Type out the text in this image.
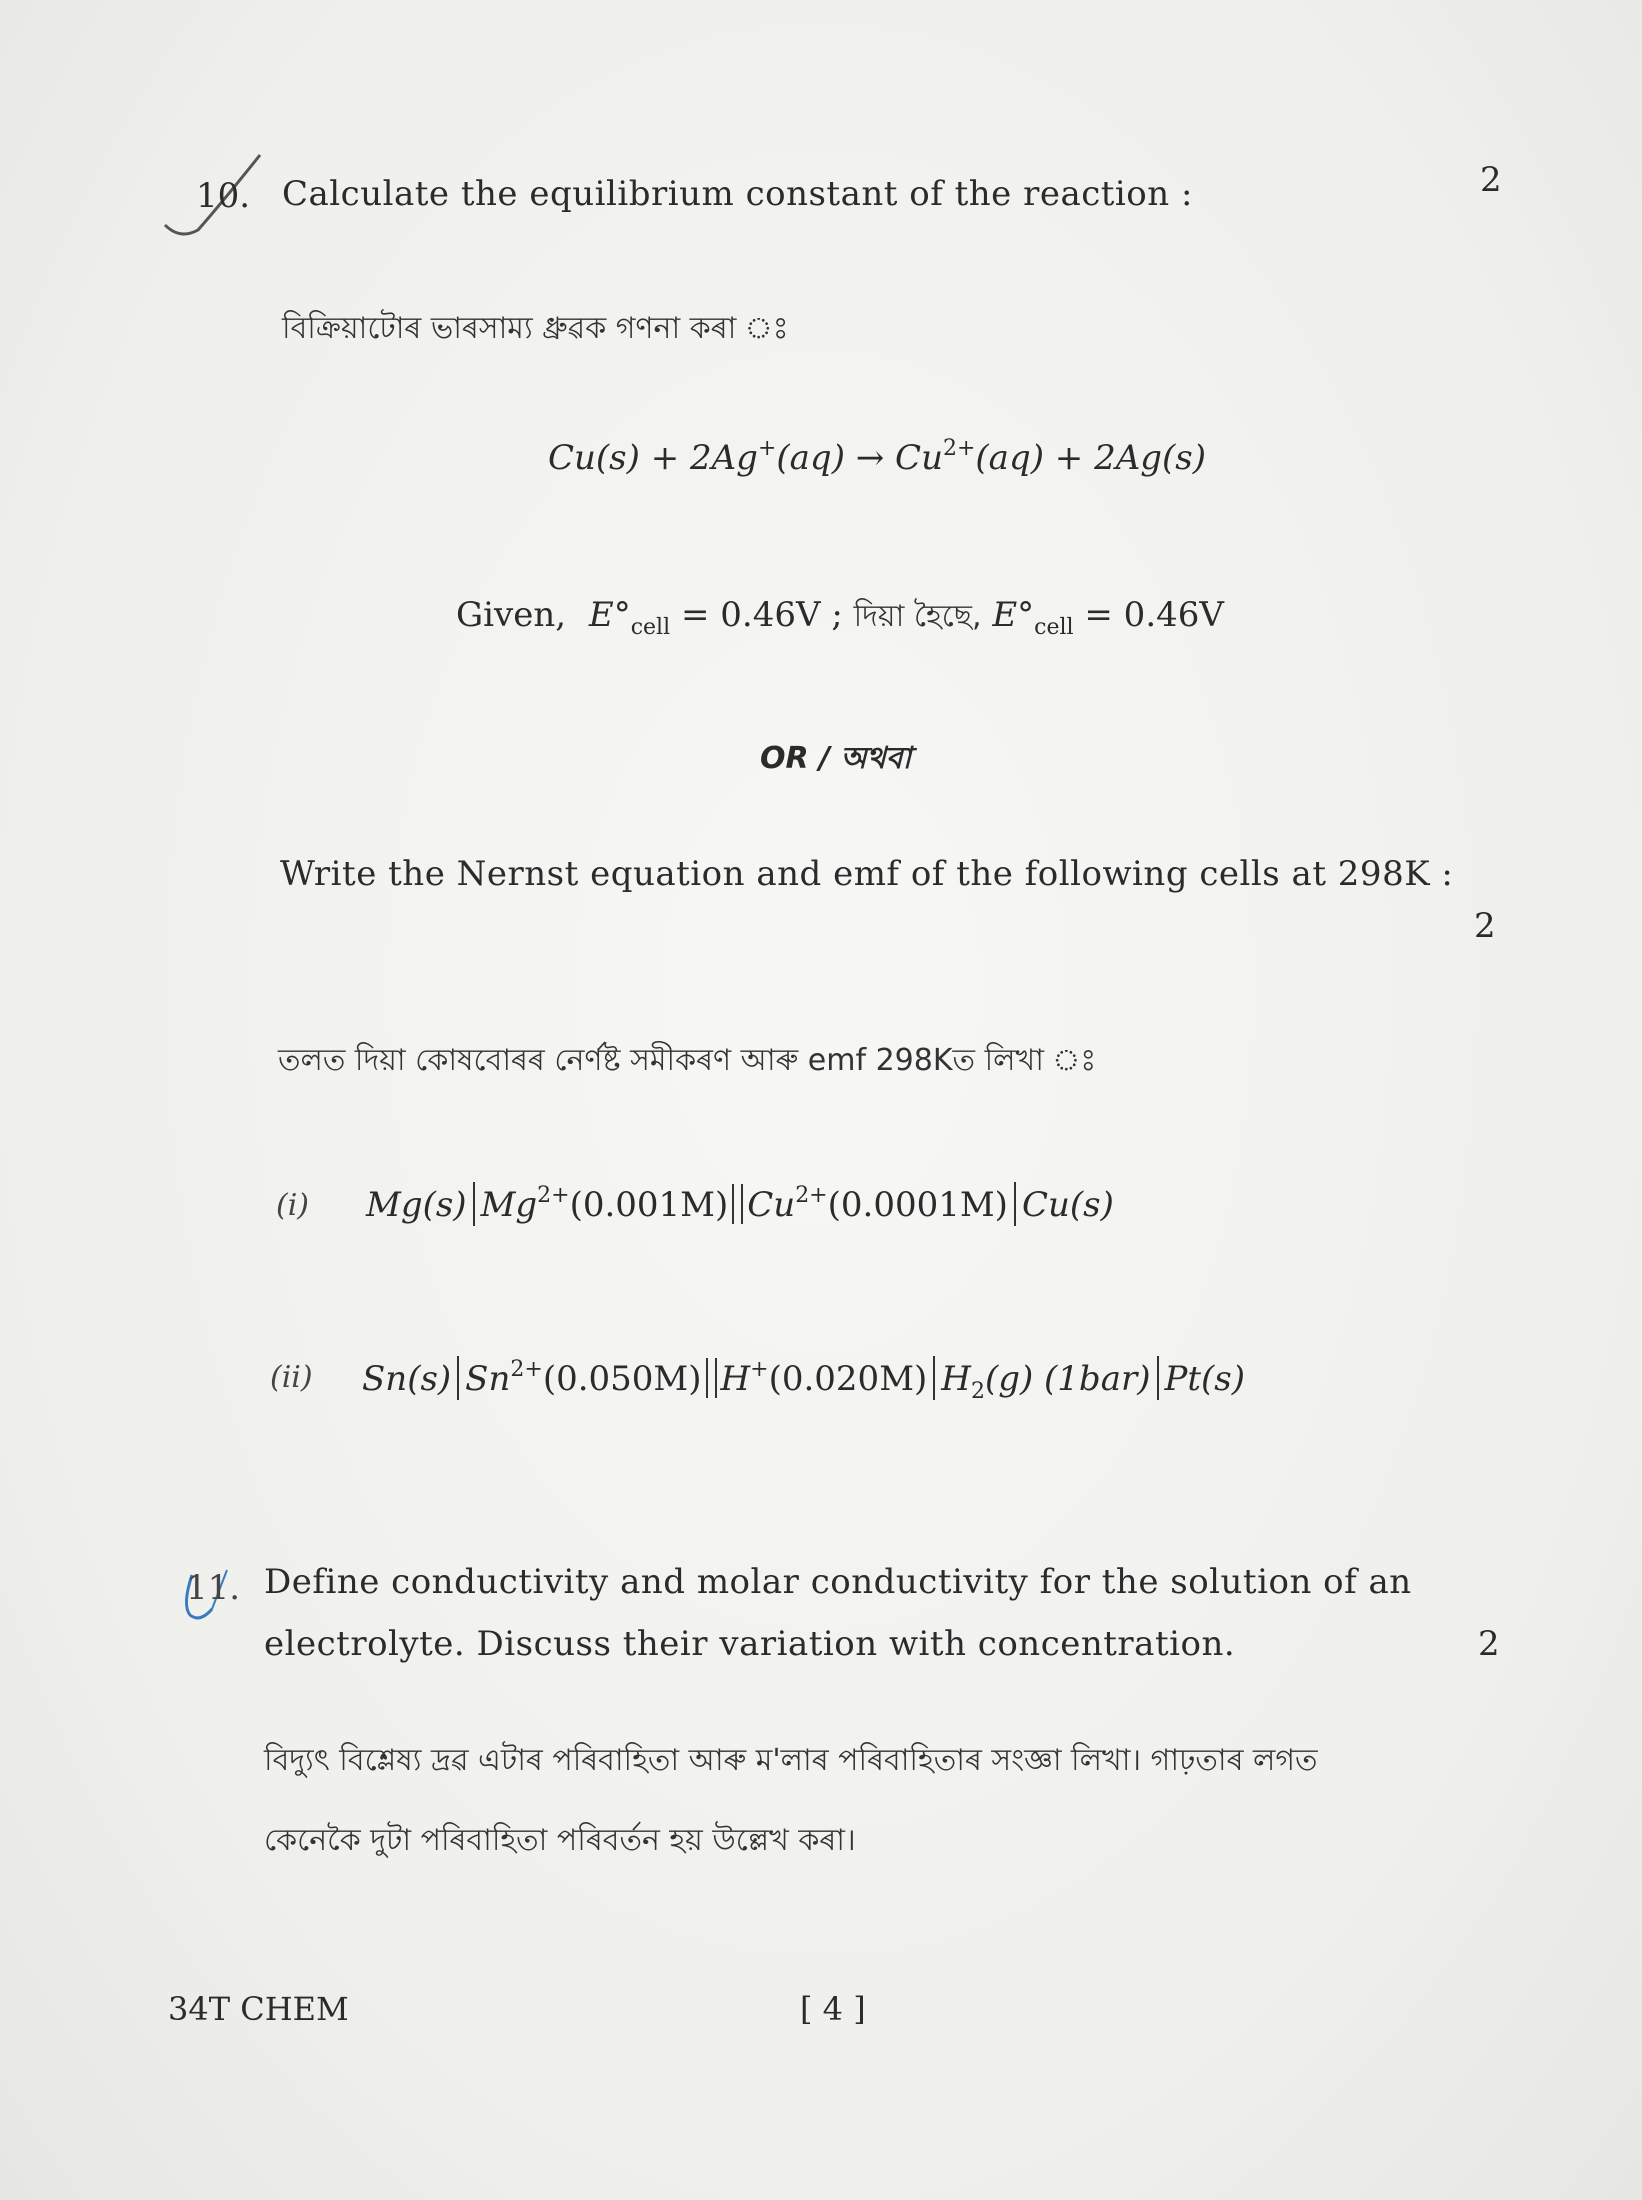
10. Calculate the equilibrium constant of the reaction :	2
বিক্ৰিয়াটোৰ ভাৰসাম্য ধ্ৰুৱক গণনা কৰা ঃ
$Cu(s) + 2Ag^+(aq) \to Cu^{2+}(aq) + 2Ag(s)$
Given, $E^\circ_{cell} = 0.46V$ ; দিয়া হৈছে, $E^\circ_{cell} = 0.46V$
OR / অথবা
Write the Nernst equation and emf of the following cells at 298K :
2
তলত দিয়া কোষবোৰৰ নেৰ্ণষ্ট সমীকৰণ আৰু emf 298Kত লিখা ঃ
(i) Mg(s) $Mg^{2+}(0.001M)$ $Cu^{2+}(0.0001M)$ Cu(s)
(ii) Sn(s) $Sn^{2+}(0.050M)$ H+(0.020M) $H_2(g)$ (1bar) Pt(s)
11. Define conductivity and molar conductivity for the solution of an
electrolyte. Discuss their variation with concentration.	2
বিদ্যুৎ বিশ্লেষ্য দ্ৰৱ এটাৰ পৰিবাহিতা আৰু ম'লাৰ পৰিবাহিতাৰ সংজ্ঞা লিখা। গাঢ়তাৰ লগত
কেনেকৈ দুটা পৰিবাহিতা পৰিবৰ্তন হয় উল্লেখ কৰা।
34T CHEM	[ 4 ]
